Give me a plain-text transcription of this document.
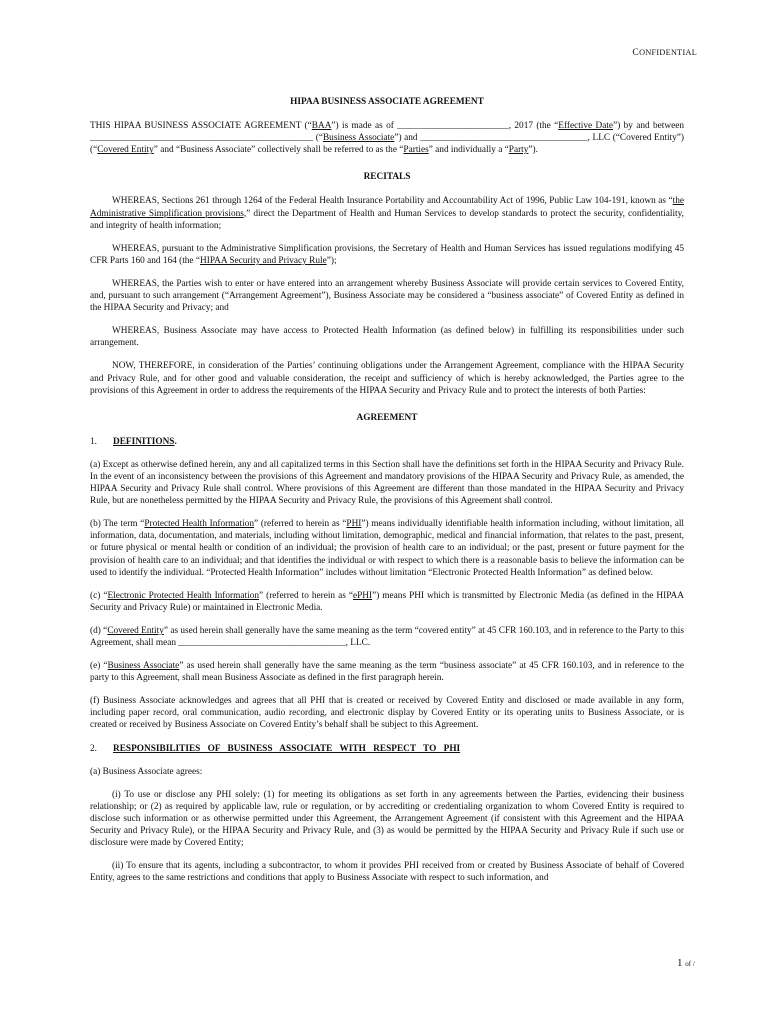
CONFIDENTIAL
HIPAA BUSINESS ASSOCIATE AGREEMENT

THIS HIPAA BUSINESS ASSOCIATE AGREEMENT (“BAA”) is made as of ________________________, 2017 (the “Effective Date”) by and between ________________________________________________ (“Business Associate”) and ____________________________________, LLC (“Covered Entity”) (“Covered Entity” and “Business Associate” collectively shall be referred to as the “Parties” and individually a “Party”).

RECITALS

WHEREAS, Sections 261 through 1264 of the Federal Health Insurance Portability and Accountability Act of 1996, Public Law 104-191, known as “the Administrative Simplification provisions,” direct the Department of Health and Human Services to develop standards to protect the security, confidentiality, and integrity of health information;

WHEREAS, pursuant to the Administrative Simplification provisions, the Secretary of Health and Human Services has issued regulations modifying 45 CFR Parts 160 and 164 (the “HIPAA Security and Privacy Rule”);

WHEREAS, the Parties wish to enter or have entered into an arrangement whereby Business Associate will provide certain services to Covered Entity, and, pursuant to such arrangement (“Arrangement Agreement”), Business Associate may be considered a “business associate” of Covered Entity as defined in the HIPAA Security and Privacy; and

WHEREAS, Business Associate may have access to Protected Health Information (as defined below) in fulfilling its responsibilities under such arrangement.

NOW, THEREFORE, in consideration of the Parties’ continuing obligations under the Arrangement Agreement, compliance with the HIPAA Security and Privacy Rule, and for other good and valuable consideration, the receipt and sufficiency of which is hereby acknowledged, the Parties agree to the provisions of this Agreement in order to address the requirements of the HIPAA Security and Privacy Rule and to protect the interests of both Parties:

AGREEMENT
1.	DEFINITIONS .

(a) Except as otherwise defined herein, any and all capitalized terms in this Section shall have the definitions set forth in the HIPAA Security and Privacy Rule. In the event of an inconsistency between the provisions of this Agreement and mandatory provisions of the HIPAA Security and Privacy Rule, as amended, the HIPAA Security and Privacy Rule shall control. Where provisions of this Agreement are different than those mandated in the HIPAA Security and Privacy Rule, but are nonetheless permitted by the HIPAA Security and Privacy Rule, the provisions of this Agreement shall control.

(b) The term “Protected Health Information” (referred to herein as “PHI”) means individually identifiable health information including, without limitation, all information, data, documentation, and materials, including without limitation, demographic, medical and financial information, that relates to the past, present, or future physical or mental health or condition of an individual; the provision of health care to an individual; or the past, present or future payment for the provision of health care to an individual; and that identifies the individual or with respect to which there is a reasonable basis to believe the information can be used to identify the individual. “Protected Health Information” includes without limitation “Electronic Protected Health Information” as defined below.

(c) “Electronic Protected Health Information” (referred to herein as “ePHI”) means PHI which is transmitted by Electronic Media (as defined in the HIPAA Security and Privacy Rule) or maintained in Electronic Media.

(d) “Covered Entity” as used herein shall generally have the same meaning as the term “covered entity” at 45 CFR 160.103, and in reference to the Party to this Agreement, shall mean ____________________________________, LLC.

(e) “Business Associate” as used herein shall generally have the same meaning as the term “business associate” at 45 CFR 160.103, and in reference to the party to this Agreement, shall mean Business Associate as defined in the first paragraph herein.

(f) Business Associate acknowledges and agrees that all PHI that is created or received by Covered Entity and disclosed or made available in any form, including paper record, oral communication, audio recording, and electronic display by Covered Entity or its operating units to Business Associate, or is created or received by Business Associate on Covered Entity’s behalf shall be subject to this Agreement.

2.	RESPONSIBILITIES OF BUSINESS ASSOCIATE WITH RESPECT TO PHI

(a) Business Associate agrees:

(i) To use or disclose any PHI solely: (1) for meeting its obligations as set forth in any agreements between the Parties, evidencing their business relationship; or (2) as required by applicable law, rule or regulation, or by accrediting or credentialing organization to whom Covered Entity is required to disclose such information or as otherwise permitted under this Agreement, the Arrangement Agreement (if consistent with this Agreement and the HIPAA Security and Privacy Rule), or the HIPAA Security and Privacy Rule, and (3) as would be permitted by the HIPAA Security and Privacy Rule if such use or disclosure were made by Covered Entity;

(ii) To ensure that its agents, including a subcontractor, to whom it provides PHI received from or created by Business Associate of behalf of Covered Entity, agrees to the same restrictions and conditions that apply to Business Associate with respect to such information, and

1 of /
